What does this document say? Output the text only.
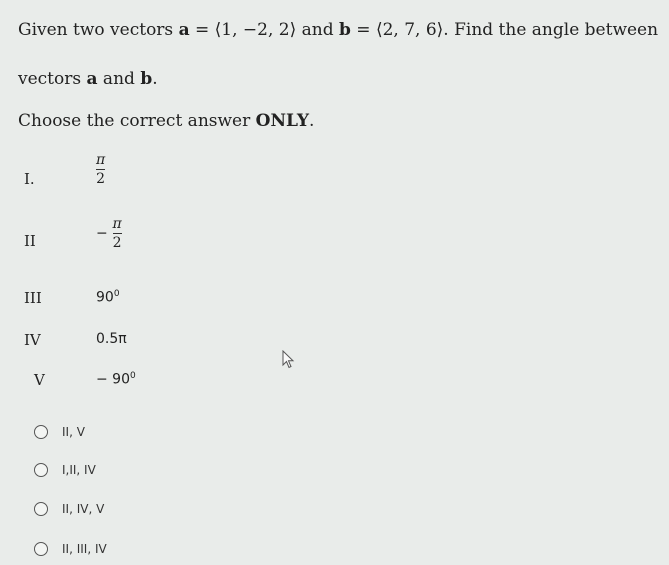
Given two vectors a = ⟨1, −2, 2⟩ and b = ⟨2, 7, 6⟩. Find the angle between
vectors a and b.
Choose the correct answer ONLY.
I.	$\frac{\pi}{2}$
II	− $\frac{\pi}{2}$
III	$90^0$
IV	0.5π
V	− $90^0$
II, V
I,II, IV
II, IV, V
II, III, IV
